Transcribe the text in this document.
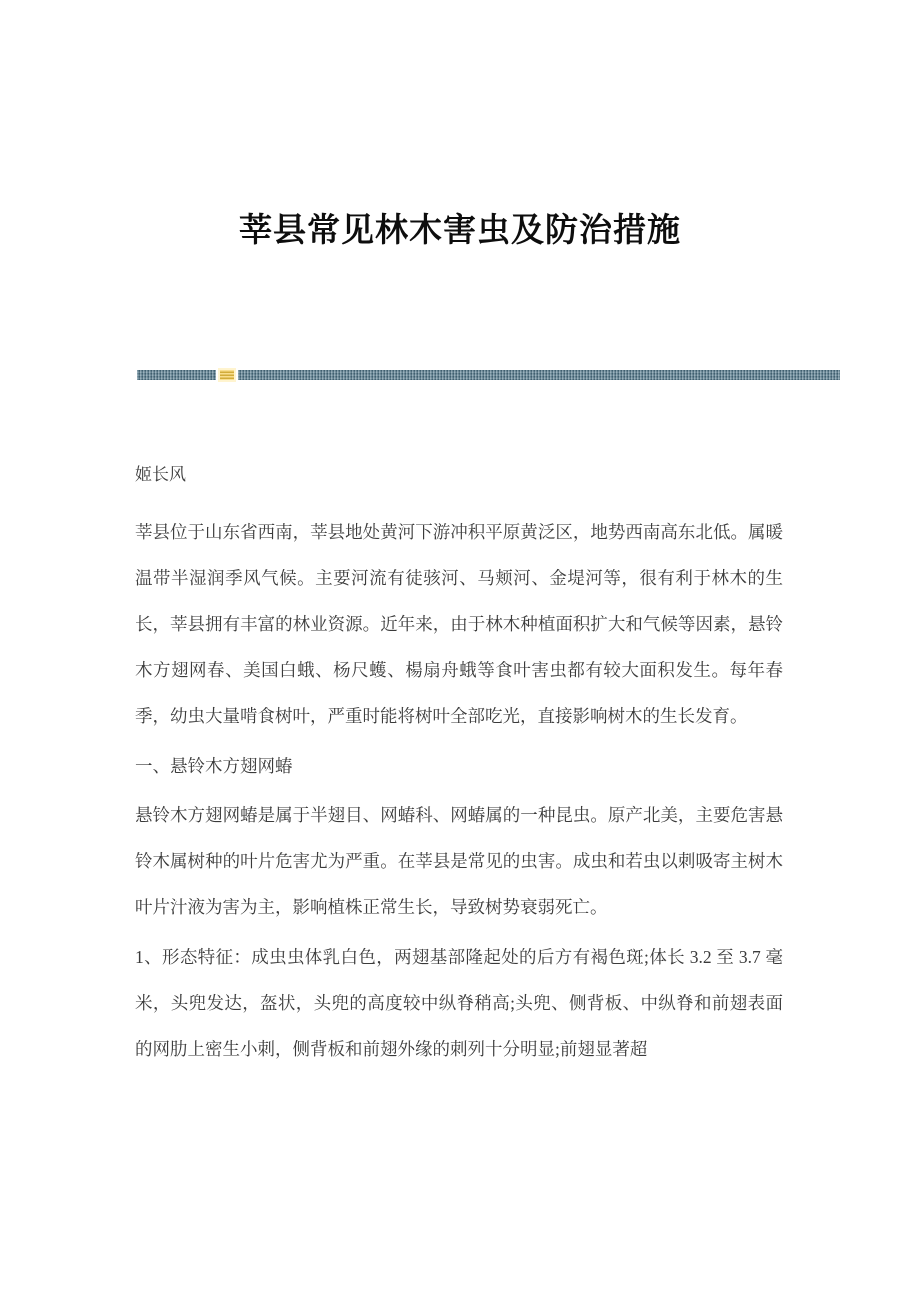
莘县常见林木害虫及防治措施
姬长风

莘县位于山东省西南，莘县地处黄河下游冲积平原黄泛区，地势西南高东北低。属暖温带半湿润季风气候。主要河流有徒骇河、马颊河、金堤河等，很有利于林木的生长，莘县拥有丰富的林业资源。近年来，由于林木种植面积扩大和气候等因素，悬铃木方翅网春、美国白蛾、杨尺蠖、楊扇舟蛾等食叶害虫都有较大面积发生。每年春季，幼虫大量啃食树叶，严重时能将树叶全部吃光，直接影响树木的生长发育。

一、悬铃木方翅网蝽

悬铃木方翅网蝽是属于半翅目、网蝽科、网蝽属的一种昆虫。原产北美，主要危害悬铃木属树种的叶片危害尤为严重。在莘县是常见的虫害。成虫和若虫以刺吸寄主树木叶片汁液为害为主，影响植株正常生长，导致树势衰弱死亡。

1、形态特征：成虫虫体乳白色，两翅基部隆起处的后方有褐色斑;体长 3.2 至 3.7 毫米，头兜发达，盔状，头兜的高度较中纵脊稍高;头兜、侧背板、中纵脊和前翅表面的网肋上密生小刺，侧背板和前翅外缘的刺列十分明显;前翅显著超
